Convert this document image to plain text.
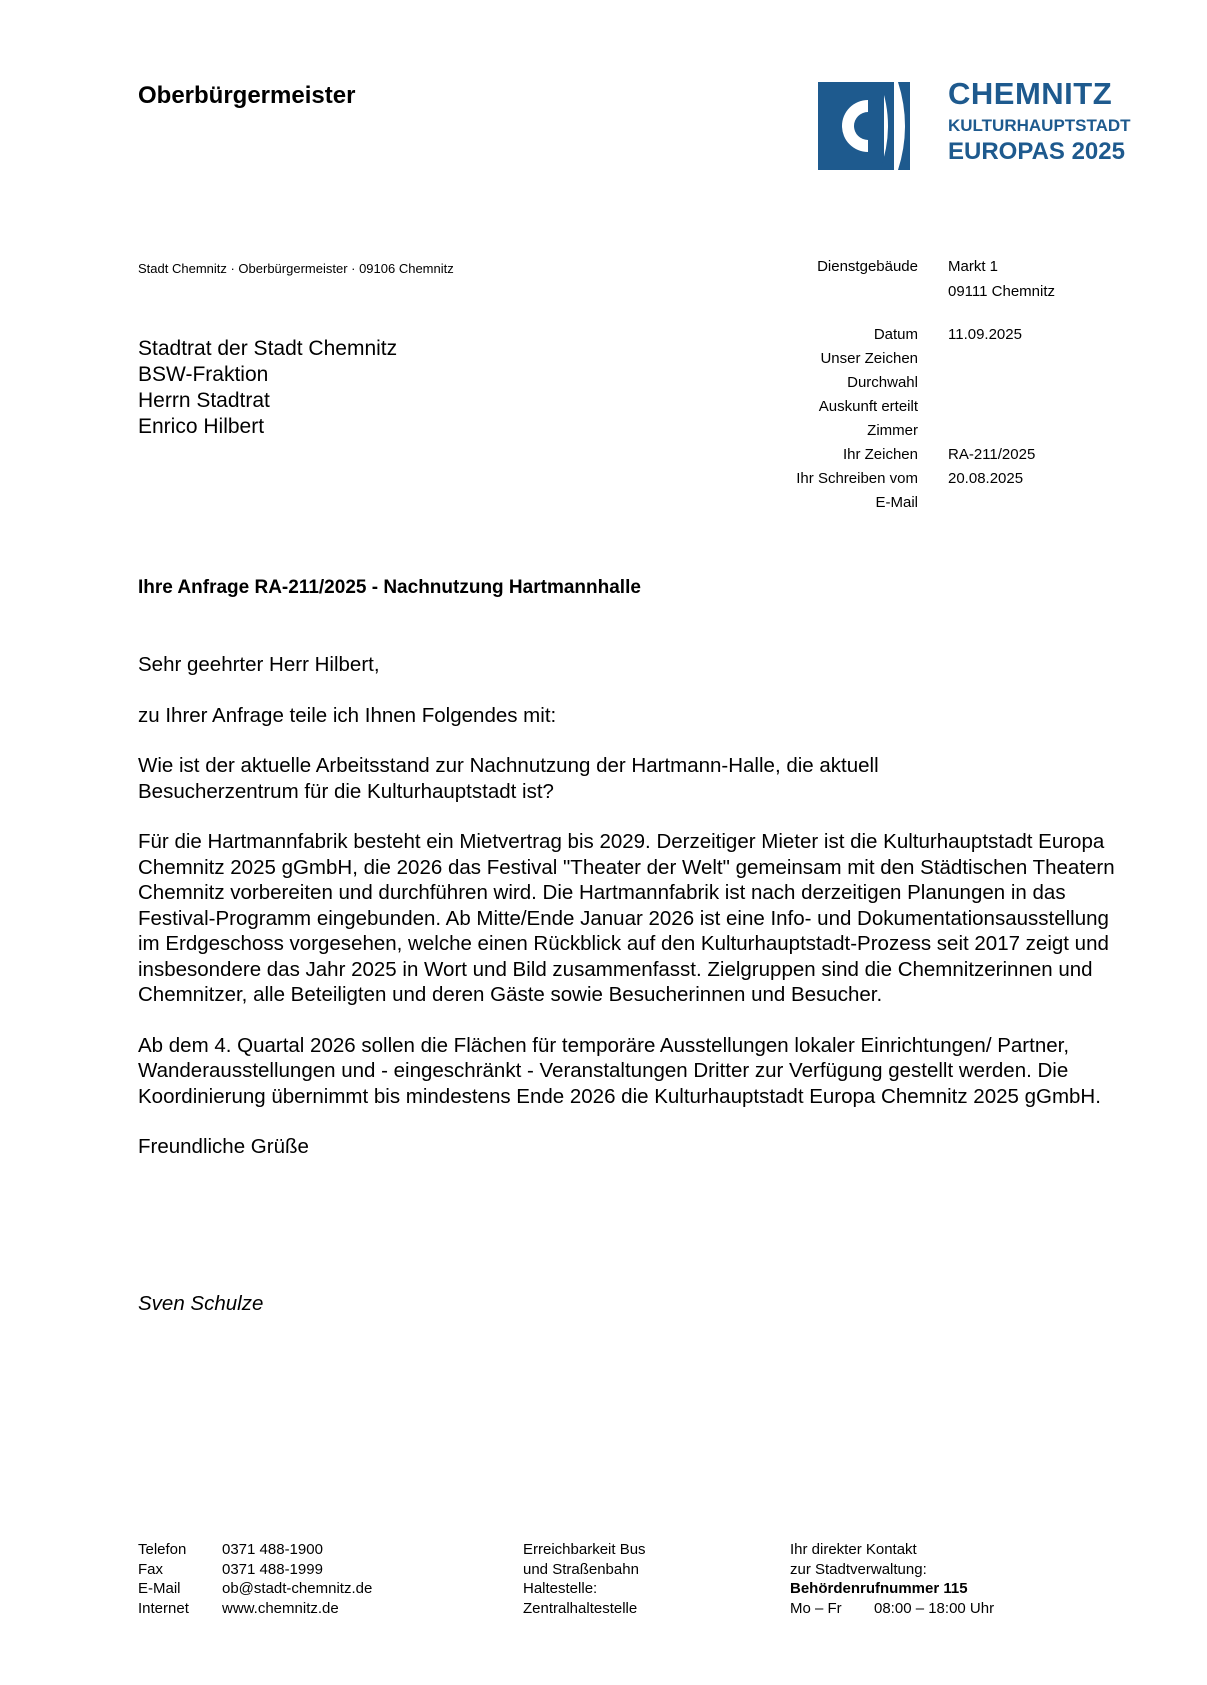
Oberbürgermeister	CHEMNITZ
KULTURHAUPTSTADT
EUROPAS 2025
Stadt Chemnitz · Oberbürgermeister · 09106 Chemnitz	Dienstgebäude	Markt 1
09111 Chemnitz
Datum	11.09.2025
Unser Zeichen
Durchwahl
Auskunft erteilt
Zimmer
Ihr Zeichen	RA-211/2025
Ihr Schreiben vom	20.08.2025
E-Mail
Stadtrat der Stadt Chemnitz
BSW-Fraktion
Herrn Stadtrat
Enrico Hilbert
Ihre Anfrage RA-211/2025 - Nachnutzung Hartmannhalle

Sehr geehrter Herr Hilbert,

zu Ihrer Anfrage teile ich Ihnen Folgendes mit:

Wie ist der aktuelle Arbeitsstand zur Nachnutzung der Hartmann-Halle, die aktuell Besucherzentrum für die Kulturhauptstadt ist?

Für die Hartmannfabrik besteht ein Mietvertrag bis 2029. Derzeitiger Mieter ist die Kulturhauptstadt Europa Chemnitz 2025 gGmbH, die 2026 das Festival "Theater der Welt" gemeinsam mit den Städtischen Theatern Chemnitz vorbereiten und durchführen wird. Die Hartmannfabrik ist nach derzeitigen Planungen in das Festival-Programm eingebunden. Ab Mitte/Ende Januar 2026 ist eine Info- und Dokumentationsausstellung im Erdgeschoss vorgesehen, welche einen Rückblick auf den Kulturhauptstadt-Prozess seit 2017 zeigt und insbesondere das Jahr 2025 in Wort und Bild zusammenfasst. Zielgruppen sind die Chemnitzerinnen und Chemnitzer, alle Beteiligten und deren Gäste sowie Besucherinnen und Besucher.

Ab dem 4. Quartal 2026 sollen die Flächen für temporäre Ausstellungen lokaler Einrichtungen/ Partner, Wanderausstellungen und - eingeschränkt - Veranstaltungen Dritter zur Verfügung gestellt werden. Die Koordinierung übernimmt bis mindestens Ende 2026 die Kulturhauptstadt Europa Chemnitz 2025 gGmbH.

Freundliche Grüße

Sven Schulze
Telefon	0371 488-1900
Fax	0371 488-1999
E-Mail	ob@stadt-chemnitz.de
Internet	www.chemnitz.de
Erreichbarkeit Bus
und Straßenbahn
Haltestelle:
Zentralhaltestelle
Ihr direkter Kontakt
zur Stadtverwaltung:
Behördenrufnummer 115
Mo – Fr	08:00 – 18:00 Uhr
